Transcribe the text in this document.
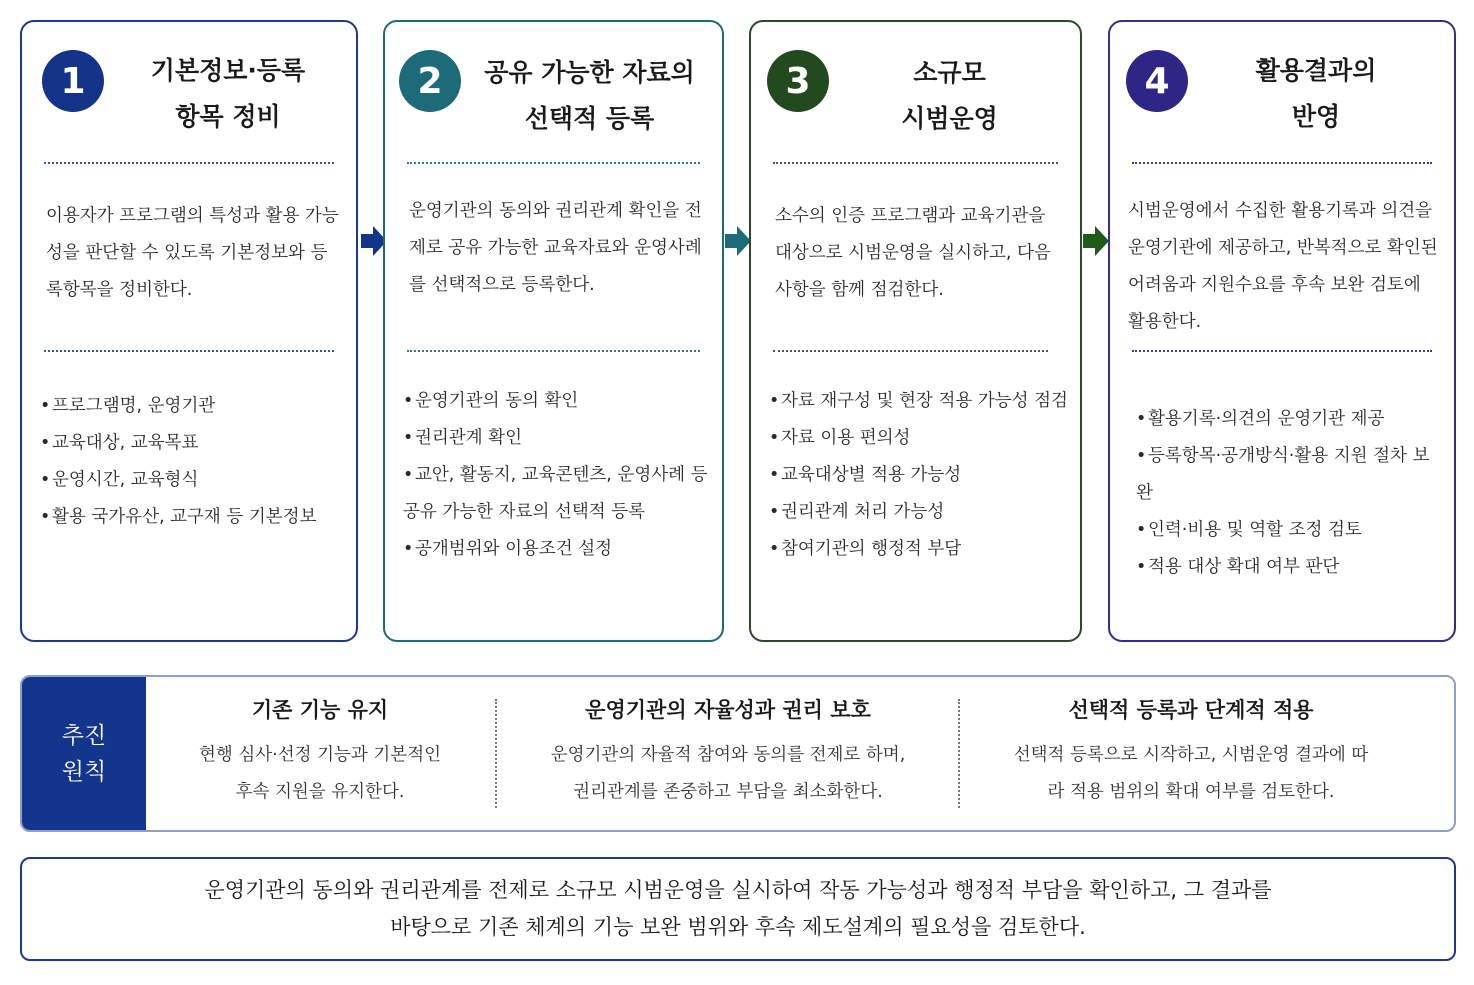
1	기본정보·등록
항목 정비
이용자가 프로그램의 특성과 활용 가능성을 판단할 수 있도록 기본정보와 등록항목을 정비한다.
•프로그램명, 운영기관
•교육대상, 교육목표
•운영시간, 교육형식
•활용 국가유산, 교구재 등 기본정보
2	공유 가능한 자료의
선택적 등록
운영기관의 동의와 권리관계 확인을 전제로 공유 가능한 교육자료와 운영사례를 선택적으로 등록한다.
•운영기관의 동의 확인
•권리관계 확인
•교안, 활동지, 교육콘텐츠, 운영사례 등 공유 가능한 자료의 선택적 등록
•공개범위와 이용조건 설정
3	소규모
시범운영
소수의 인증 프로그램과 교육기관을 대상으로 시범운영을 실시하고, 다음 사항을 함께 점검한다.
•자료 재구성 및 현장 적용 가능성 점검
•자료 이용 편의성
•교육대상별 적용 가능성
•권리관계 처리 가능성
•참여기관의 행정적 부담
4	활용결과의
반영
시범운영에서 수집한 활용기록과 의견을 운영기관에 제공하고, 반복적으로 확인된 어려움과 지원수요를 후속 보완 검토에 활용한다.
•활용기록·의견의 운영기관 제공
•등록항목·공개방식·활용 지원 절차 보완
•인력·비용 및 역할 조정 검토
•적용 대상 확대 여부 판단
추진
원칙
기존 기능 유지
현행 심사·선정 기능과 기본적인
후속 지원을 유지한다.
운영기관의 자율성과 권리 보호
운영기관의 자율적 참여와 동의를 전제로 하며,
권리관계를 존중하고 부담을 최소화한다.
선택적 등록과 단계적 적용
선택적 등록으로 시작하고, 시범운영 결과에 따
라 적용 범위의 확대 여부를 검토한다.
운영기관의 동의와 권리관계를 전제로 소규모 시범운영을 실시하여 작동 가능성과 행정적 부담을 확인하고, 그 결과를
바탕으로 기존 체계의 기능 보완 범위와 후속 제도설계의 필요성을 검토한다.
